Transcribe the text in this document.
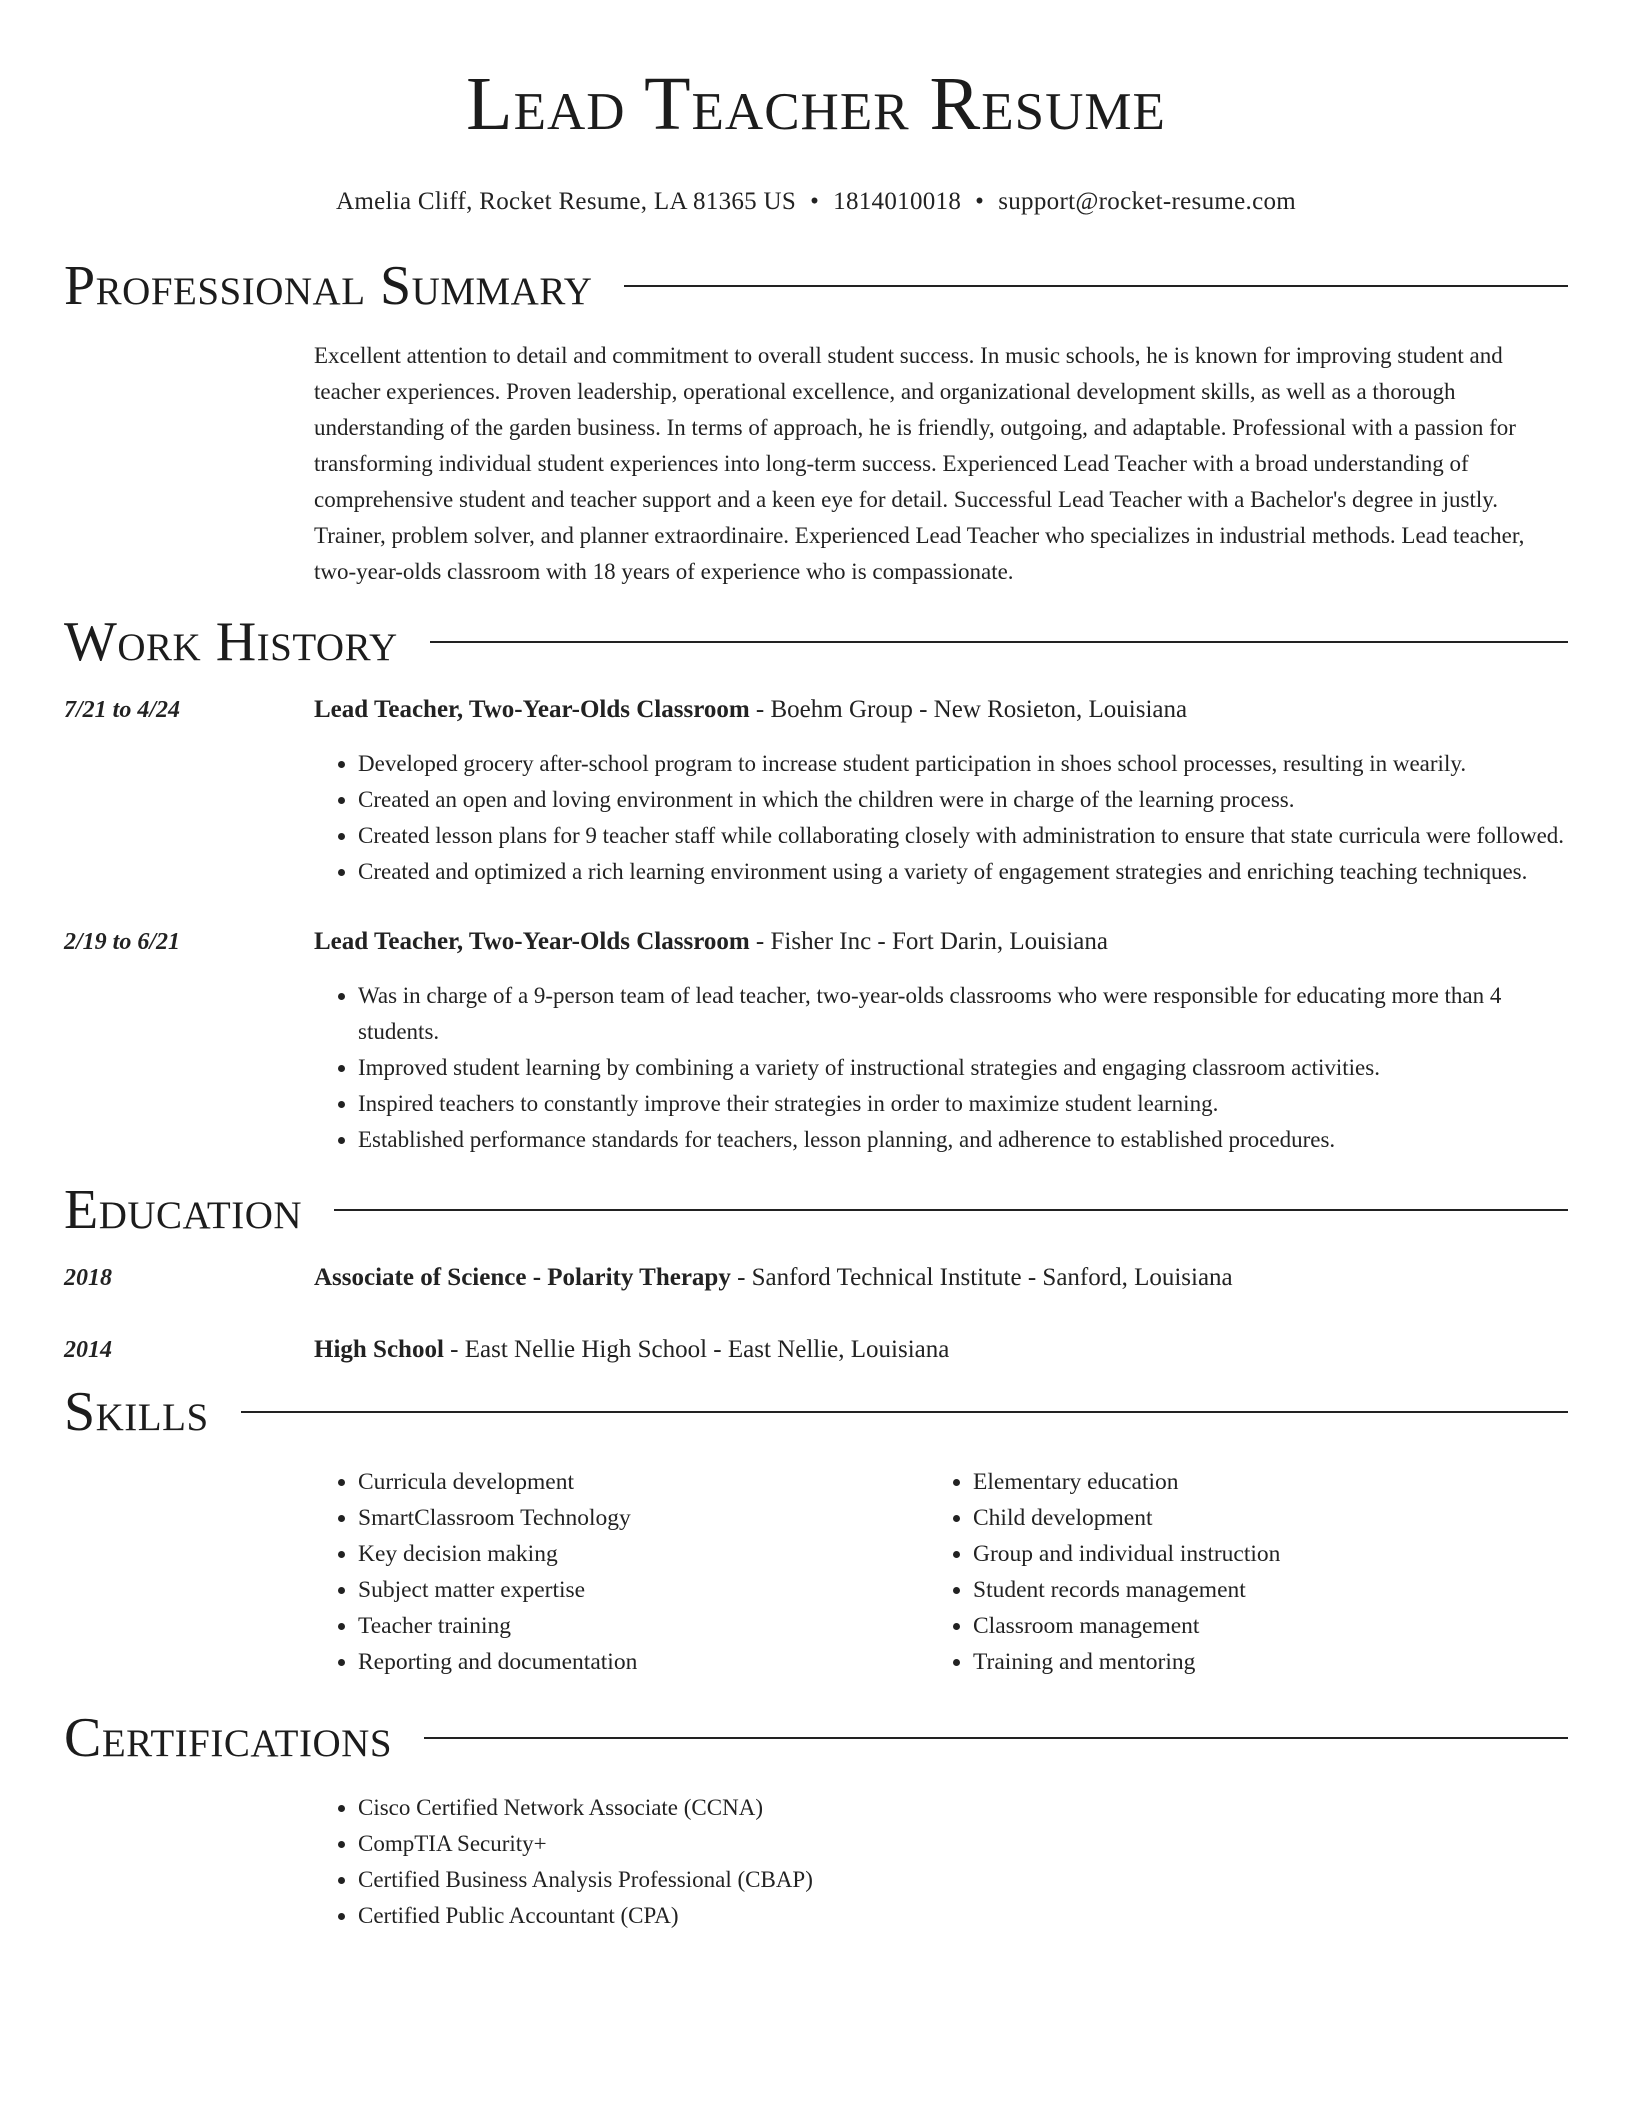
Lead Teacher Resume
Amelia Cliff, Rocket Resume, LA 81365 US • 1814010018 • support@rocket-resume.com
Professional Summary

Excellent attention to detail and commitment to overall student success. In music schools, he is known for improving student and teacher experiences. Proven leadership, operational excellence, and organizational development skills, as well as a thorough understanding of the garden business. In terms of approach, he is friendly, outgoing, and adaptable. Professional with a passion for transforming individual student experiences into long-term success. Experienced Lead Teacher with a broad understanding of comprehensive student and teacher support and a keen eye for detail. Successful Lead Teacher with a Bachelor's degree in justly. Trainer, problem solver, and planner extraordinaire. Experienced Lead Teacher who specializes in industrial methods. Lead teacher, two-year-olds classroom with 18 years of experience who is compassionate.

Work History
7/21 to 4/24	Lead Teacher, Two-Year-Olds Classroom - Boehm Group - New Rosieton, Louisiana
• Developed grocery after-school program to increase student participation in shoes school processes, resulting in wearily.
• Created an open and loving environment in which the children were in charge of the learning process.
• Created lesson plans for 9 teacher staff while collaborating closely with administration to ensure that state curricula were followed.
• Created and optimized a rich learning environment using a variety of engagement strategies and enriching teaching techniques.
2/19 to 6/21	Lead Teacher, Two-Year-Olds Classroom - Fisher Inc - Fort Darin, Louisiana
• Was in charge of a 9-person team of lead teacher, two-year-olds classrooms who were responsible for educating more than 4 students.
• Improved student learning by combining a variety of instructional strategies and engaging classroom activities.
• Inspired teachers to constantly improve their strategies in order to maximize student learning.
• Established performance standards for teachers, lesson planning, and adherence to established procedures.
Education
2018	Associate of Science - Polarity Therapy - Sanford Technical Institute - Sanford, Louisiana
2014	High School - East Nellie High School - East Nellie, Louisiana
Skills
• Curricula development
• SmartClassroom Technology
• Key decision making
• Subject matter expertise
• Teacher training
• Reporting and documentation
• Elementary education
• Child development
• Group and individual instruction
• Student records management
• Classroom management
• Training and mentoring
Certifications
• Cisco Certified Network Associate (CCNA)
• CompTIA Security+
• Certified Business Analysis Professional (CBAP)
• Certified Public Accountant (CPA)
